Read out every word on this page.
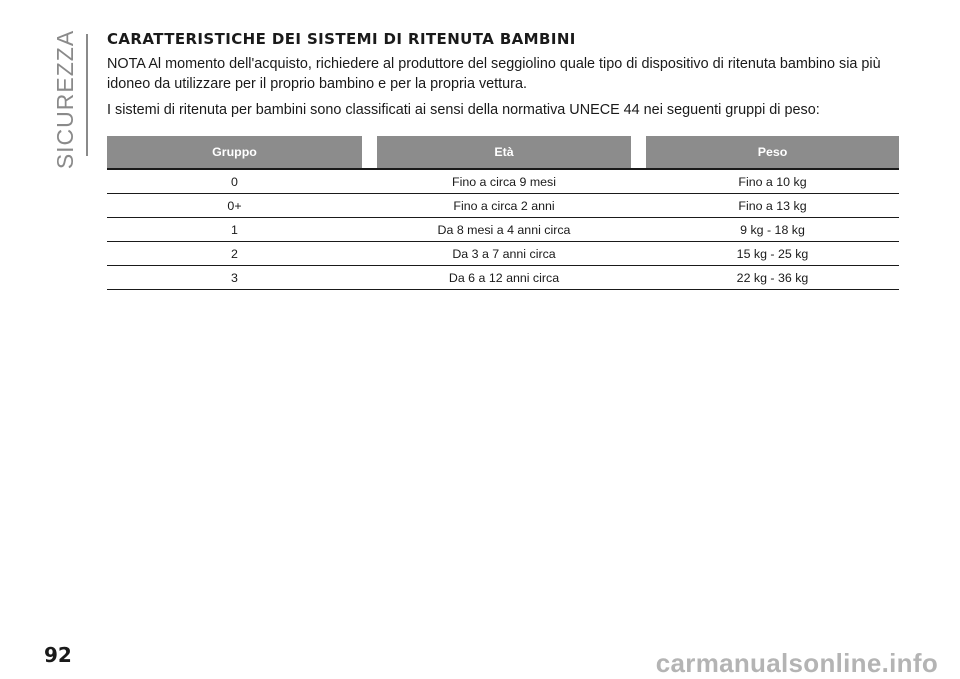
SICUREZZA CARATTERISTICHE DEI SISTEMI DI RITENUTA BAMBINI

NOTA Al momento dell'acquisto, richiedere al produttore del seggiolino quale tipo di dispositivo di ritenuta bambino sia più idoneo da utilizzare per il proprio bambino e per la propria vettura.

I sistemi di ritenuta per bambini sono classificati ai sensi della normativa UNECE 44 nei seguenti gruppi di peso:

Gruppo		Età		Peso
0	Fino a circa 9 mesi			Fino a 10 kg
0+	Fino a circa 2 anni			Fino a 13 kg
1	Da 8 mesi a 4 anni circa			9 kg - 18 kg
2	Da 3 a 7 anni circa			15 kg - 25 kg
3	Da 6 a 12 anni circa			22 kg - 36 kg
92	carmanualsonline.info
